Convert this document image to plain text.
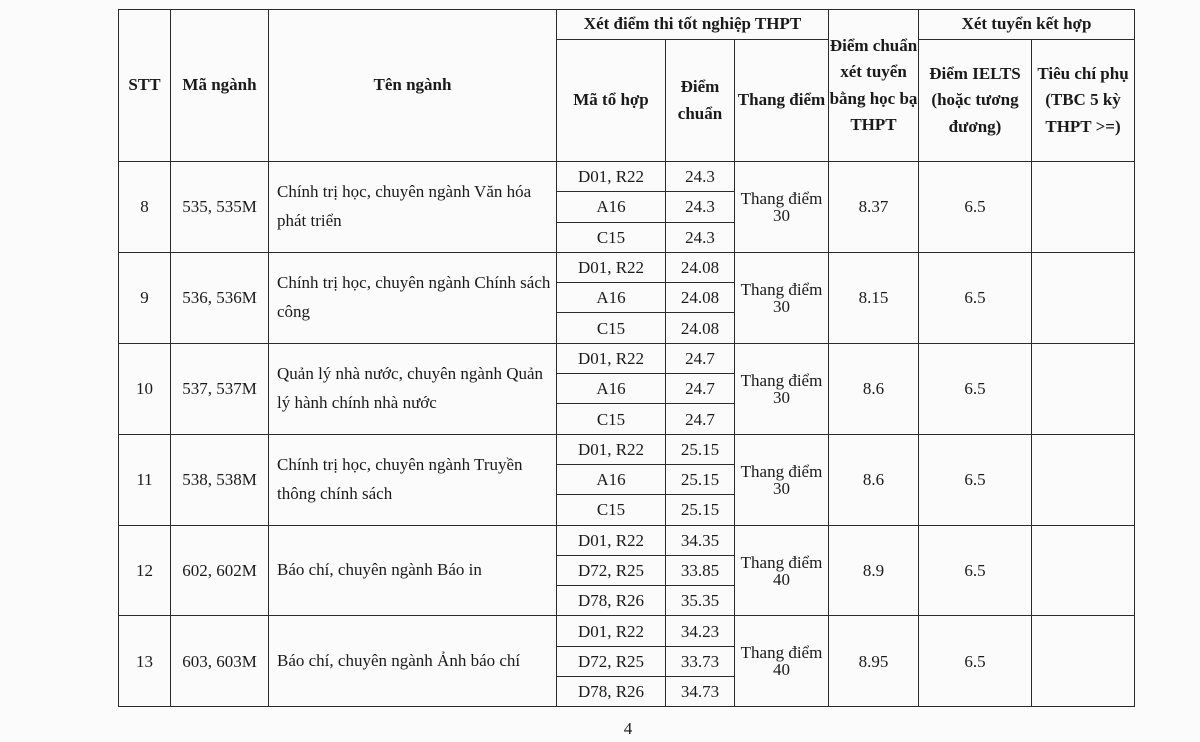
STT	Mã ngành	Tên ngành	Xét điểm thi tốt nghiệp THPT			Điểm chuẩn xét tuyển bằng học bạ THPT	Xét tuyển kết hợp	
			Mã tổ hợp	Điểm chuẩn	Thang điểm		Điểm IELTS (hoặc tương đương)	Tiêu chí phụ (TBC 5 kỳ THPT >=)
8	535, 535M	Chính trị học, chuyên ngành Văn hóa phát triển	D01, R22	24.3	Thang điểm 30	8.37	6.5	
			A16	24.3				
			C15	24.3				
9	536, 536M	Chính trị học, chuyên ngành Chính sách công	D01, R22	24.08	Thang điểm 30	8.15	6.5	
			A16	24.08				
			C15	24.08				
10	537, 537M	Quản lý nhà nước, chuyên ngành Quản lý hành chính nhà nước	D01, R22	24.7	Thang điểm 30	8.6	6.5	
			A16	24.7				
			C15	24.7				
11	538, 538M	Chính trị học, chuyên ngành Truyền thông chính sách	D01, R22	25.15	Thang điểm 30	8.6	6.5	
			A16	25.15				
			C15	25.15				
12	602, 602M	Báo chí, chuyên ngành Báo in	D01, R22	34.35	Thang điểm 40	8.9	6.5	
			D72, R25	33.85				
			D78, R26	35.35				
13	603, 603M	Báo chí, chuyên ngành Ảnh báo chí	D01, R22	34.23	Thang điểm 40	8.95	6.5	
			D72, R25	33.73				
			D78, R26	34.73				
4
